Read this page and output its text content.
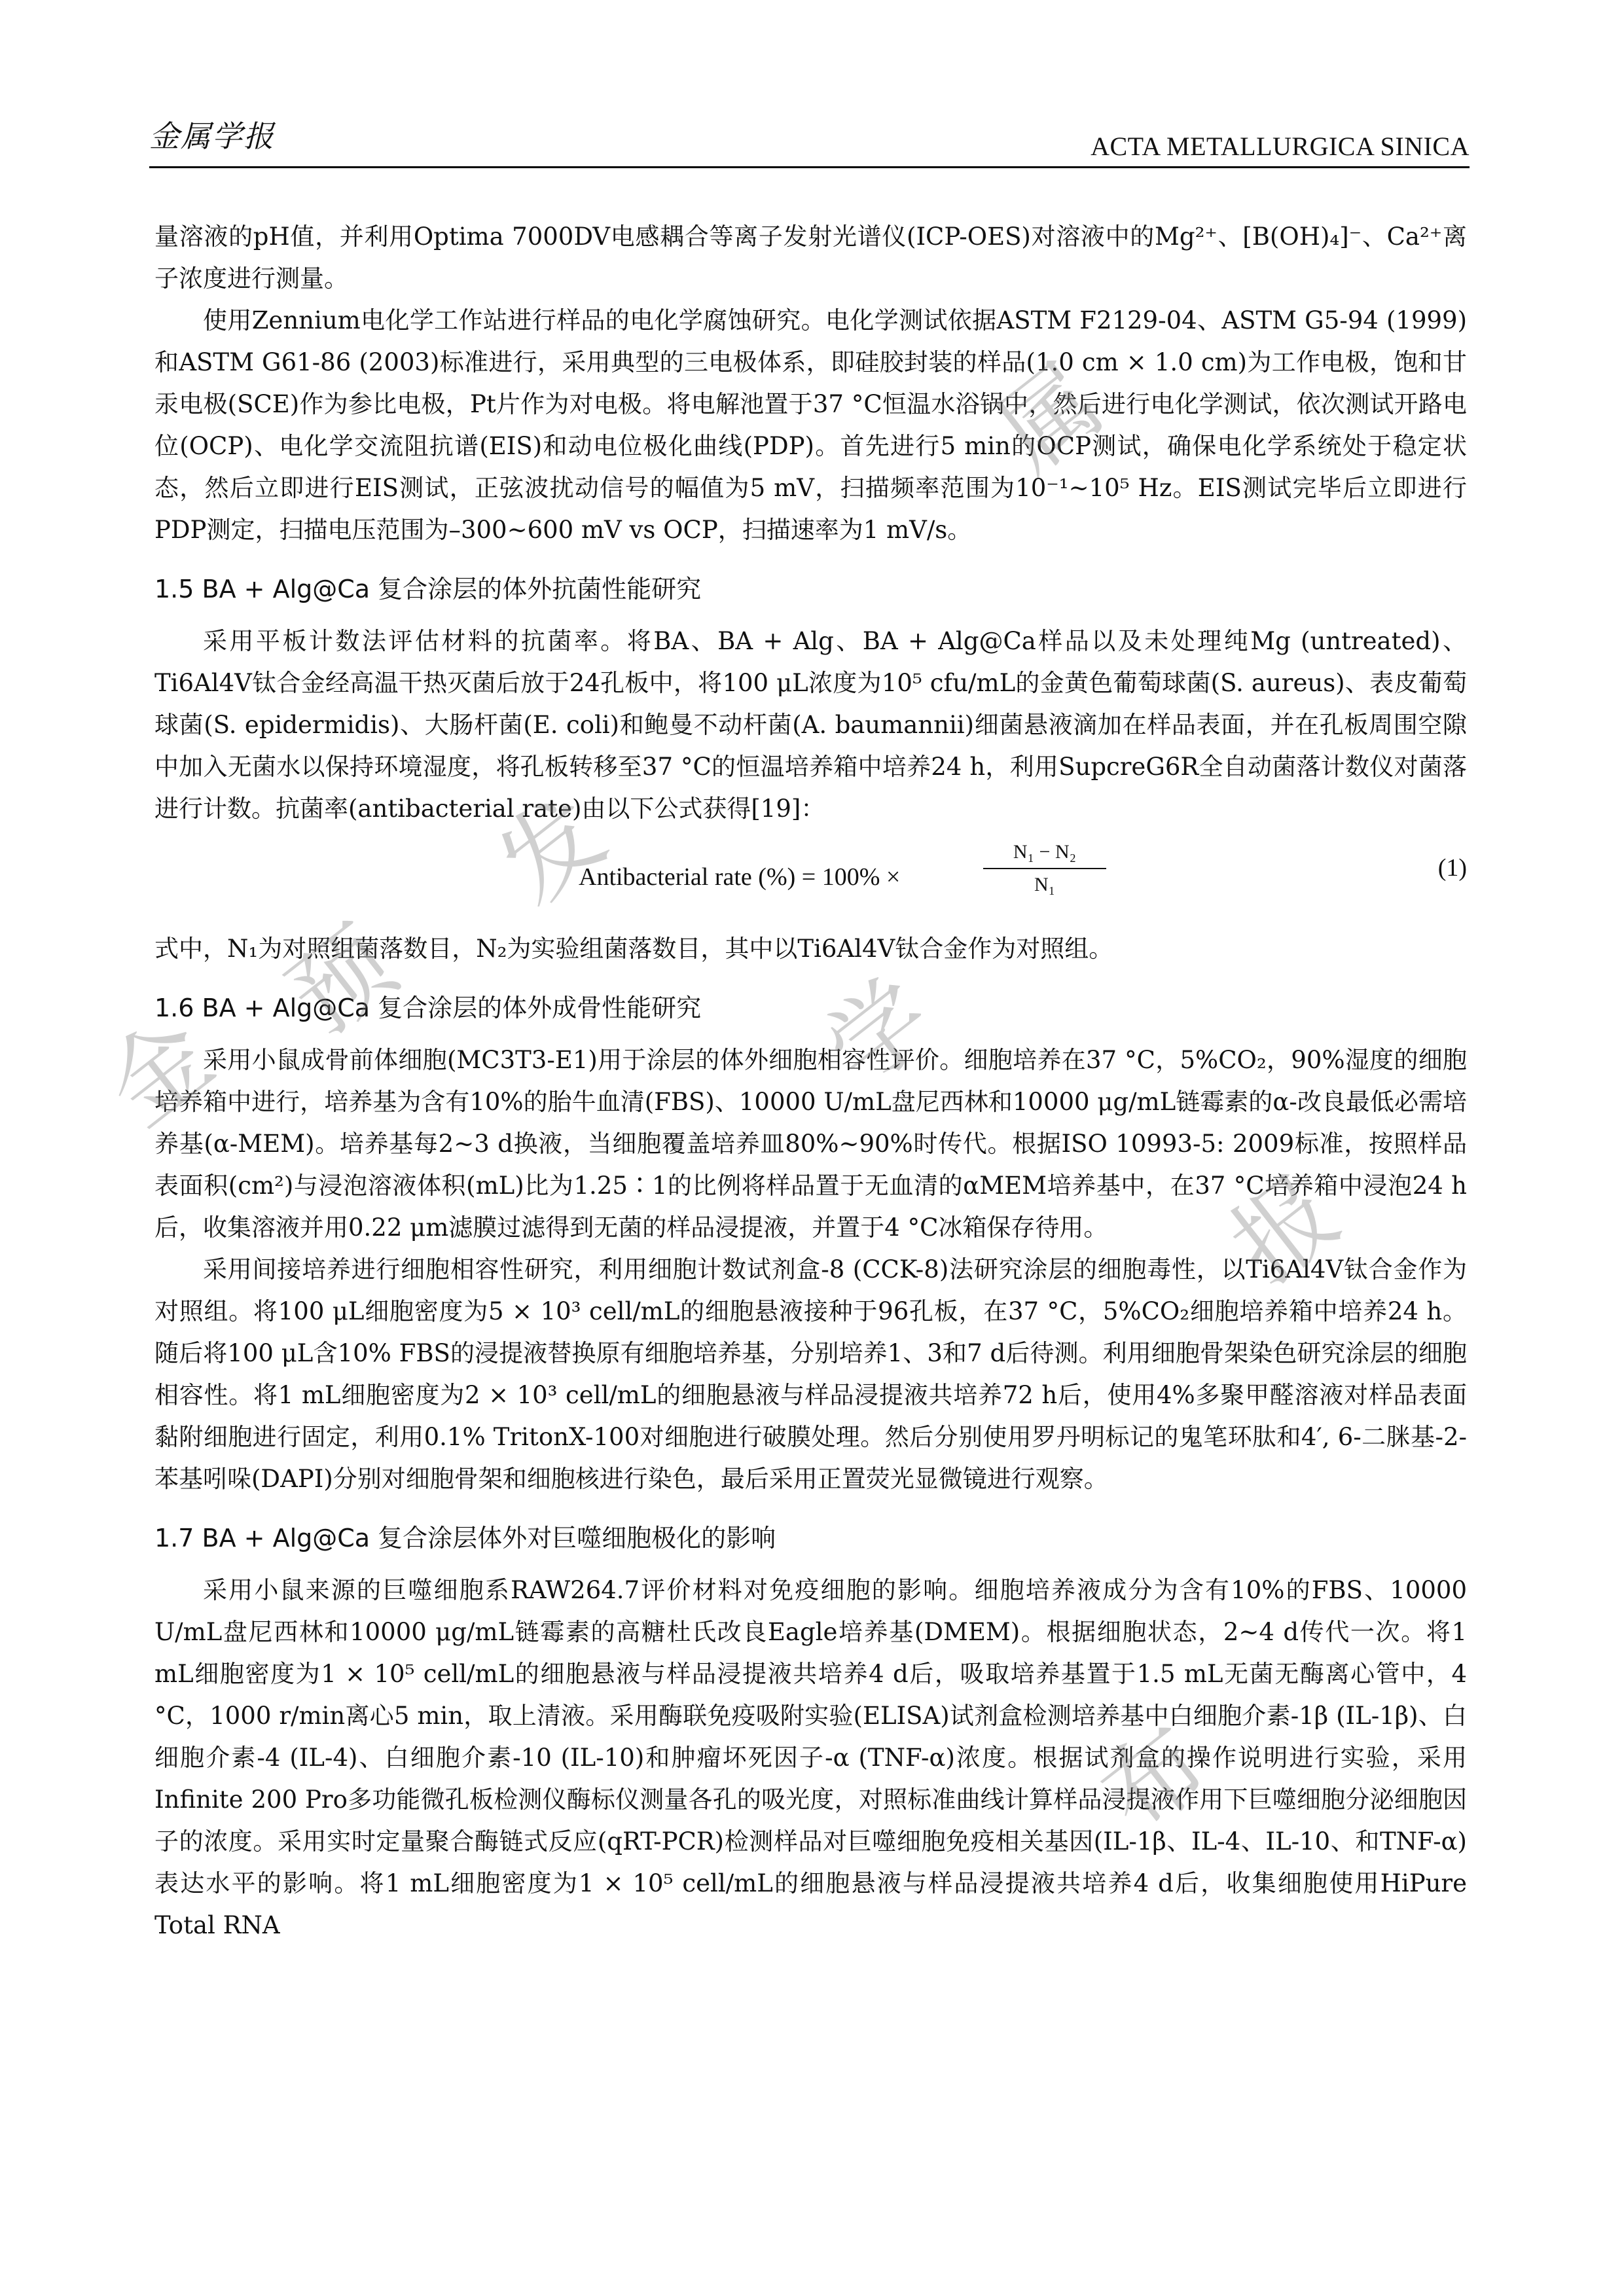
金属学报	ACTA METALLURGICA SINICA

量溶液的pH值，并利用Optima 7000DV电感耦合等离子发射光谱仪(ICP-OES)对溶液中的Mg²⁺、[B(OH)₄]⁻、Ca²⁺离子浓度进行测量。

使用Zennium电化学工作站进行样品的电化学腐蚀研究。电化学测试依据ASTM F2129-04、ASTM G5-94 (1999)和ASTM G61-86 (2003)标准进行，采用典型的三电极体系，即硅胶封装的样品(1.0 cm × 1.0 cm)为工作电极，饱和甘汞电极(SCE)作为参比电极，Pt片作为对电极。将电解池置于37 °C恒温水浴锅中，然后进行电化学测试，依次测试开路电位(OCP)、电化学交流阻抗谱(EIS)和动电位极化曲线(PDP)。首先进行5 min的OCP测试，确保电化学系统处于稳定状态，然后立即进行EIS测试，正弦波扰动信号的幅值为5 mV，扫描频率范围为10⁻¹~10⁵ Hz。EIS测试完毕后立即进行PDP测定，扫描电压范围为–300~600 mV vs OCP，扫描速率为1 mV/s。

1.5 BA + Alg@Ca 复合涂层的体外抗菌性能研究

采用平板计数法评估材料的抗菌率。将BA、BA + Alg、BA + Alg@Ca样品以及未处理纯Mg (untreated)、Ti6Al4V钛合金经高温干热灭菌后放于24孔板中，将100 μL浓度为10⁵ cfu/mL的金黄色葡萄球菌(S. aureus)、表皮葡萄球菌(S. epidermidis)、大肠杆菌(E. coli)和鲍曼不动杆菌(A. baumannii)细菌悬液滴加在样品表面，并在孔板周围空隙中加入无菌水以保持环境湿度，将孔板转移至37 °C的恒温培养箱中培养24 h，利用SupcreG6R全自动菌落计数仪对菌落进行计数。抗菌率(antibacterial rate)由以下公式获得[19]：

Antibacterial rate (%) = 100% ×
N₁ − N₂
N₁
(1)

式中，N₁为对照组菌落数目，N₂为实验组菌落数目，其中以Ti6Al4V钛合金作为对照组。

1.6 BA + Alg@Ca 复合涂层的体外成骨性能研究

采用小鼠成骨前体细胞(MC3T3-E1)用于涂层的体外细胞相容性评价。细胞培养在37 °C，5%CO₂，90%湿度的细胞培养箱中进行，培养基为含有10%的胎牛血清(FBS)、10000 U/mL盘尼西林和10000 μg/mL链霉素的α-改良最低必需培养基(α-MEM)。培养基每2~3 d换液，当细胞覆盖培养皿80%~90%时传代。根据ISO 10993-5: 2009标准，按照样品表面积(cm²)与浸泡溶液体积(mL)比为1.25∶1的比例将样品置于无血清的αMEM培养基中，在37 °C培养箱中浸泡24 h后，收集溶液并用0.22 μm滤膜过滤得到无菌的样品浸提液，并置于4 °C冰箱保存待用。

采用间接培养进行细胞相容性研究，利用细胞计数试剂盒-8 (CCK-8)法研究涂层的细胞毒性，以Ti6Al4V钛合金作为对照组。将100 μL细胞密度为5 × 10³ cell/mL的细胞悬液接种于96孔板，在37 °C，5%CO₂细胞培养箱中培养24 h。随后将100 μL含10% FBS的浸提液替换原有细胞培养基，分别培养1、3和7 d后待测。利用细胞骨架染色研究涂层的细胞相容性。将1 mL细胞密度为2 × 10³ cell/mL的细胞悬液与样品浸提液共培养72 h后，使用4%多聚甲醛溶液对样品表面黏附细胞进行固定，利用0.1% TritonX-100对细胞进行破膜处理。然后分别使用罗丹明标记的鬼笔环肽和4′, 6-二脒基-2-苯基吲哚(DAPI)分别对细胞骨架和细胞核进行染色，最后采用正置荧光显微镜进行观察。

1.7 BA + Alg@Ca 复合涂层体外对巨噬细胞极化的影响

采用小鼠来源的巨噬细胞系RAW264.7评价材料对免疫细胞的影响。细胞培养液成分为含有10%的FBS、10000 U/mL盘尼西林和10000 μg/mL链霉素的高糖杜氏改良Eagle培养基(DMEM)。根据细胞状态，2~4 d传代一次。将1 mL细胞密度为1 × 10⁵ cell/mL的细胞悬液与样品浸提液共培养4 d后，吸取培养基置于1.5 mL无菌无酶离心管中，4 °C，1000 r/min离心5 min，取上清液。采用酶联免疫吸附实验(ELISA)试剂盒检测培养基中白细胞介素-1β (IL-1β)、白细胞介素-4 (IL-4)、白细胞介素-10 (IL-10)和肿瘤坏死因子-α (TNF-α)浓度。根据试剂盒的操作说明进行实验，采用Infinite 200 Pro多功能微孔板检测仪酶标仪测量各孔的吸光度，对照标准曲线计算样品浸提液作用下巨噬细胞分泌细胞因子的浓度。采用实时定量聚合酶链式反应(qRT-PCR)检测样品对巨噬细胞免疫相关基因(IL-1β、IL-4、IL-10、和TNF-α)表达水平的影响。将1 mL细胞密度为1 × 10⁵ cell/mL的细胞悬液与样品浸提液共培养4 d后，收集细胞使用HiPure Total RNA

金
属
学
报
预
发
布
